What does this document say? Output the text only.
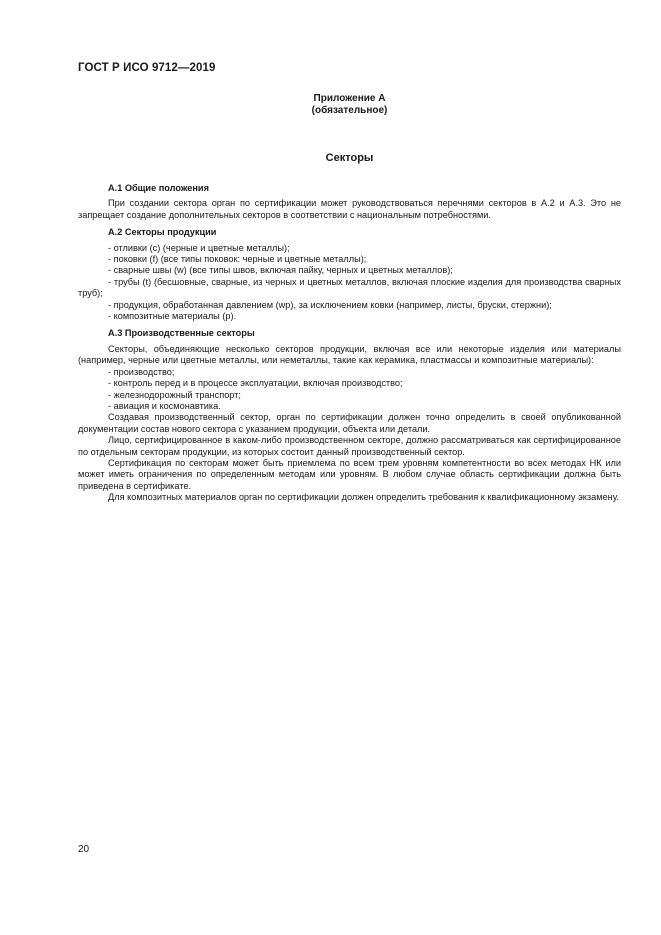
ГОСТ Р ИСО 9712—2019
Приложение А
(обязательное)
Секторы

А.1 Общие положения

При создании сектора орган по сертификации может руководствоваться перечнями секторов в А.2 и А.3. Это не запрещает создание дополнительных секторов в соответствии с национальным потребностями.

А.2 Секторы продукции

- отливки (c) (черные и цветные металлы);

- поковки (f) (все типы поковок: черные и цветные металлы);

- сварные швы (w) (все типы швов, включая пайку, черных и цветных металлов);

- трубы (t) (бесшовные, сварные, из черных и цветных металлов, включая плоские изделия для производства сварных труб);

- продукция, обработанная давлением (wp), за исключением ковки (например, листы, бруски, стержни);

- композитные материалы (p).

А.3 Производственные секторы

Секторы, объединяющие несколько секторов продукции, включая все или некоторые изделия или материалы (например, черные или цветные металлы, или неметаллы, такие как керамика, пластмассы и композитные материалы):

- производство;

- контроль перед и в процессе эксплуатации, включая производство;

- железнодорожный транспорт;

- авиация и космонавтика.

Создавая производственный сектор, орган по сертификации должен точно определить в своей опубликованной документации состав нового сектора с указанием продукции, объекта или детали.

Лицо, сертифицированное в каком-либо производственном секторе, должно рассматриваться как сертифицированное по отдельным секторам продукции, из которых состоит данный производственный сектор.

Сертификация по секторам может быть приемлема по всем трем уровням компетентности во всех методах НК или может иметь ограничения по определенным методам или уровням. В любом случае область сертификации должна быть приведена в сертификате.

Для композитных материалов орган по сертификации должен определить требования к квалификационному экзамену.

20
